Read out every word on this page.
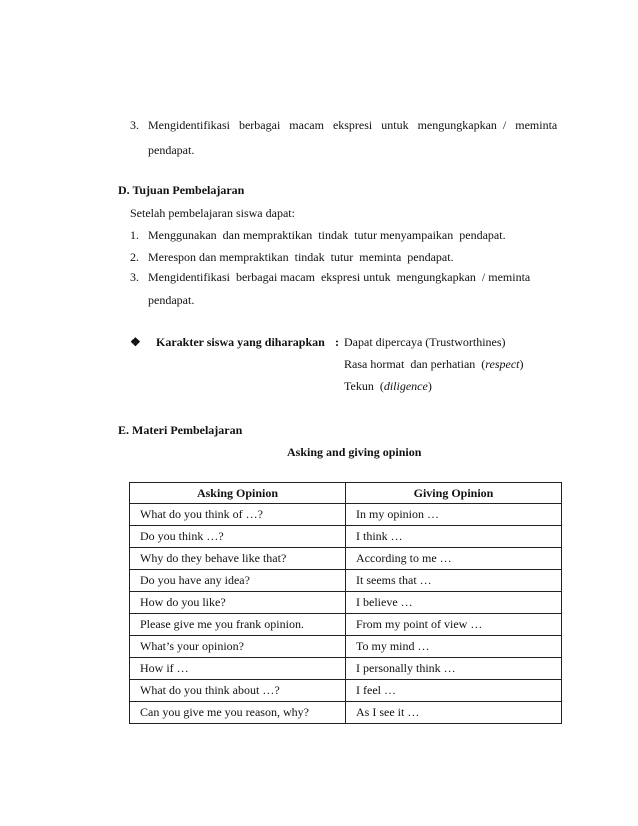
3. Mengidentifikasi   berbagai   macam   ekspresi   untuk   mengungkapkan  /   meminta
pendapat.
D. Tujuan Pembelajaran
Setelah pembelajaran siswa dapat:
1. Menggunakan  dan mempraktikan  tindak  tutur menyampaikan  pendapat.
2. Merespon dan mempraktikan  tindak  tutur  meminta  pendapat.
3. Mengidentifikasi  berbagai macam  ekspresi untuk  mengungkapkan  / meminta
pendapat.
❖ Karakter siswa yang diharapkan : Dapat dipercaya (Trustworthines)
Rasa hormat  dan perhatian  (respect)
Tekun  (diligence)
E. Materi Pembelajaran
Asking and giving opinion
Asking Opinion	Giving Opinion
What do you think of …?	In my opinion …
Do you think …?	I think …
Why do they behave like that?	According to me …
Do you have any idea?	It seems that …
How do you like?	I believe …
Please give me you frank opinion.	From my point of view …
What’s your opinion?	To my mind …
How if …	I personally think …
What do you think about …?	I feel …
Can you give me you reason, why?	As I see it …
